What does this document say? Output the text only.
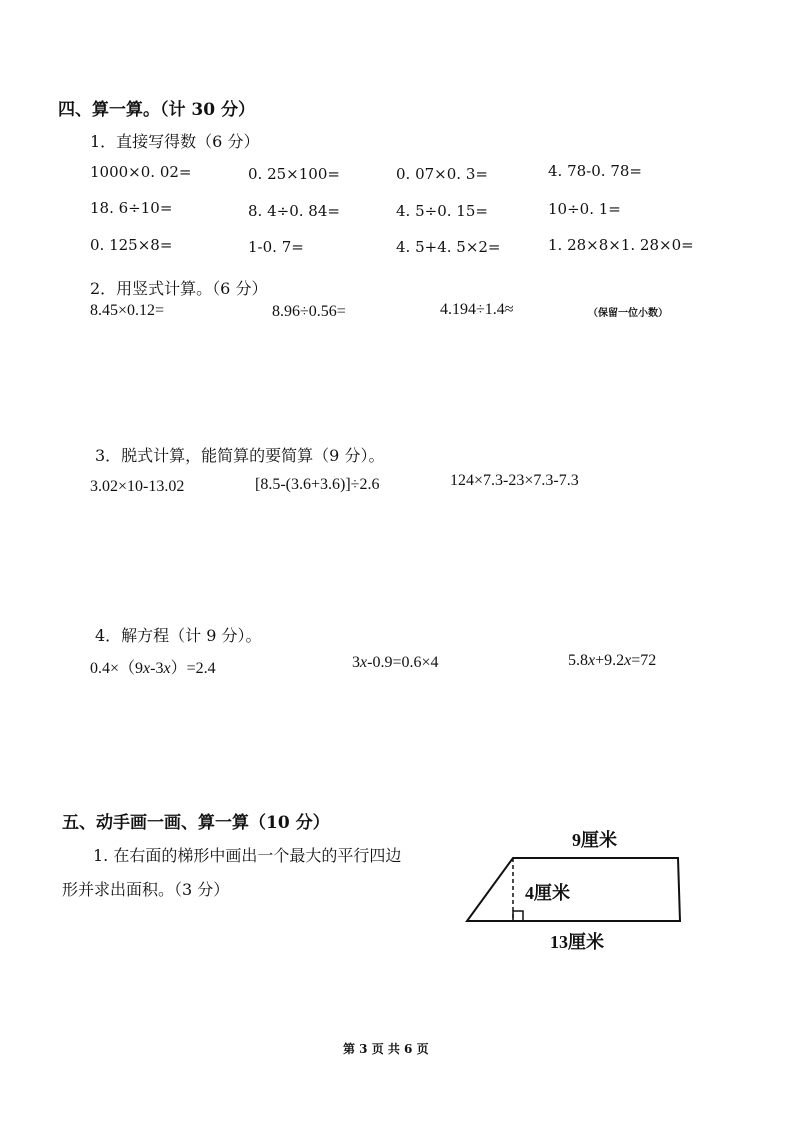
四、算一算。（计 30 分）
1．直接写得数（6 分）
1000×0. 02=	0. 25×100=	0. 07×0. 3=	4. 78-0. 78=
18. 6÷10=	8. 4÷0. 84=	4. 5÷0. 15=	10÷0. 1=
0. 125×8=	1-0. 7=	4. 5+4. 5×2=	1. 28×8×1. 28×0=
2．用竖式计算。（6 分）
8.45×0.12=	8.96÷0.56=	4.194÷1.4≈	（保留一位小数）
3．脱式计算，能简算的要简算（9 分）。
3.02×10-13.02	[8.5-(3.6+3.6)]÷2.6	124×7.3-23×7.3-7.3
4．解方程（计 9 分）。
0.4×（9x-3x）=2.4	3x-0.9=0.6×4	5.8x+9.2x=72
五、动手画一画、算一算（10 分）
1. 在右面的梯形中画出一个最大的平行四边
形并求出面积。（3 分）
9厘米
4厘米
13厘米
第 3 页 共 6 页
